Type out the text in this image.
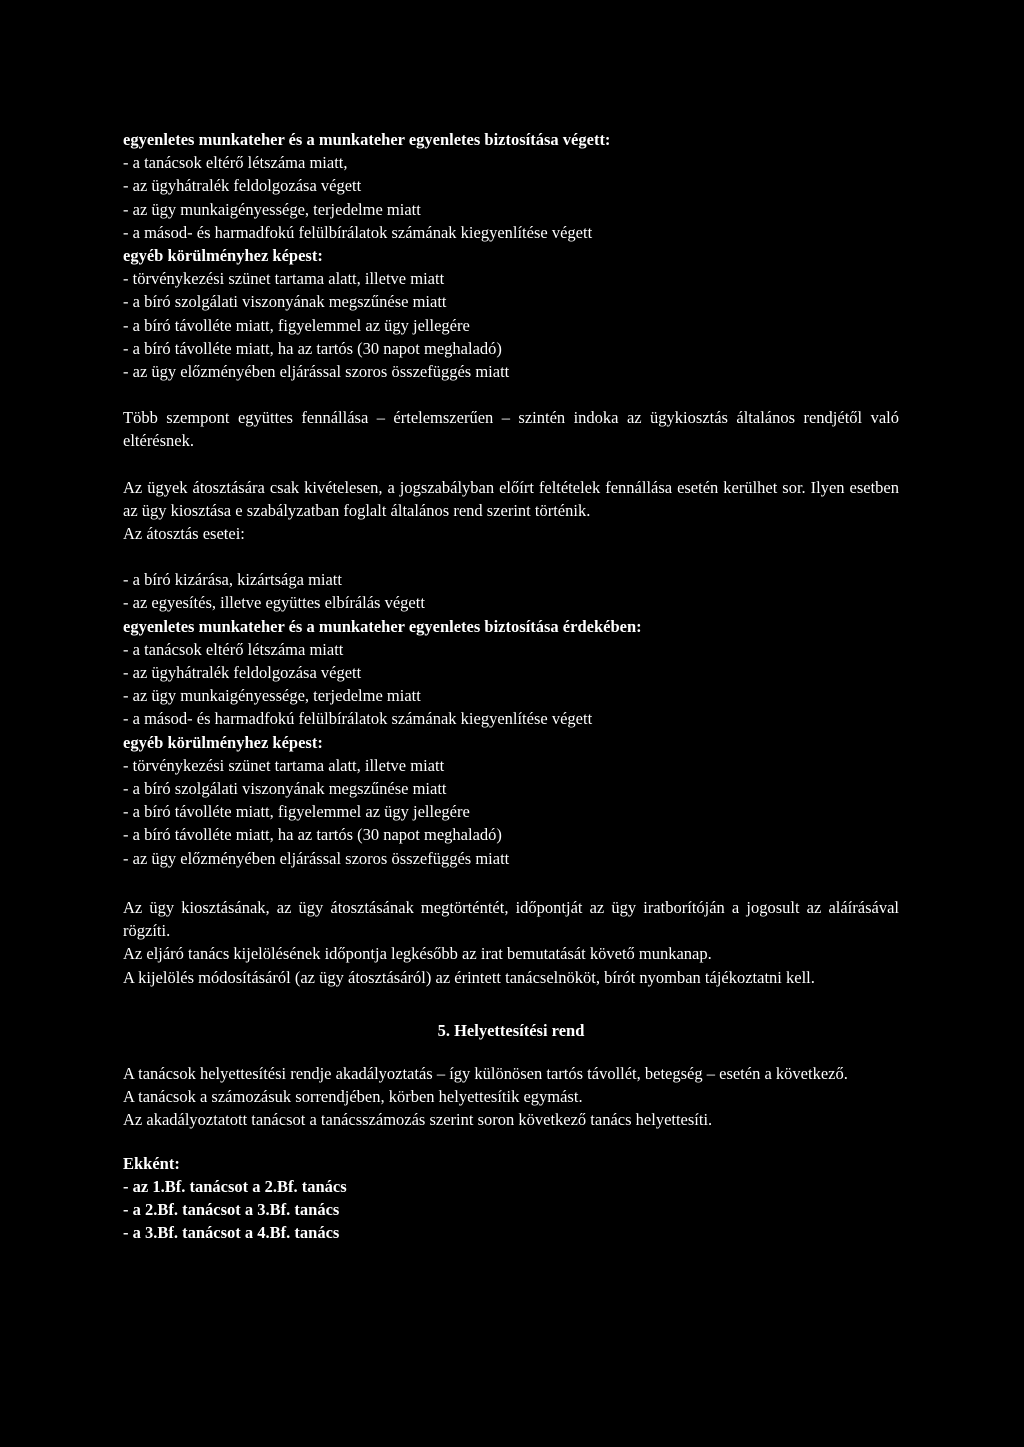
egyenletes munkateher és a munkateher egyenletes biztosítása végett:
- a tanácsok eltérő létszáma miatt,
- az ügyhátralék feldolgozása végett
- az ügy munkaigényessége, terjedelme miatt
- a másod- és harmadfokú felülbírálatok számának kiegyenlítése végett
egyéb körülményhez képest:
- törvénykezési szünet tartama alatt, illetve miatt
- a bíró szolgálati viszonyának megszűnése miatt
- a bíró távolléte miatt, figyelemmel az ügy jellegére
- a bíró távolléte miatt, ha az tartós (30 napot meghaladó)
- az ügy előzményében eljárással szoros összefüggés miatt

Több szempont együttes fennállása – értelemszerűen – szintén indoka az ügykiosztás általános rendjétől való eltérésnek.

Az ügyek átosztására csak kivételesen, a jogszabályban előírt feltételek fennállása esetén kerülhet sor. Ilyen esetben az ügy kiosztása e szabályzatban foglalt általános rend szerint történik.

Az átosztás esetei:
- a bíró kizárása, kizártsága miatt
- az egyesítés, illetve együttes elbírálás végett
egyenletes munkateher és a munkateher egyenletes biztosítása érdekében:
- a tanácsok eltérő létszáma miatt
- az ügyhátralék feldolgozása végett
- az ügy munkaigényessége, terjedelme miatt
- a másod- és harmadfokú felülbírálatok számának kiegyenlítése végett
egyéb körülményhez képest:
- törvénykezési szünet tartama alatt, illetve miatt
- a bíró szolgálati viszonyának megszűnése miatt
- a bíró távolléte miatt, figyelemmel az ügy jellegére
- a bíró távolléte miatt, ha az tartós (30 napot meghaladó)
- az ügy előzményében eljárással szoros összefüggés miatt

Az ügy kiosztásának, az ügy átosztásának megtörténtét, időpontját az ügy iratborítóján a jogosult az aláírásával rögzíti.

Az eljáró tanács kijelölésének időpontja legkésőbb az irat bemutatását követő munkanap.

A kijelölés módosításáról (az ügy átosztásáról) az érintett tanácselnököt, bírót nyomban tájékoztatni kell.

5. Helyettesítési rend

A tanácsok helyettesítési rendje akadályoztatás – így különösen tartós távollét, betegség – esetén a következő.

A tanácsok a számozásuk sorrendjében, körben helyettesítik egymást.

Az akadályoztatott tanácsot a tanácsszámozás szerint soron következő tanács helyettesíti.

Ekként:
- az 1.Bf. tanácsot a 2.Bf. tanács
- a 2.Bf. tanácsot a 3.Bf. tanács
- a 3.Bf. tanácsot a 4.Bf. tanács
